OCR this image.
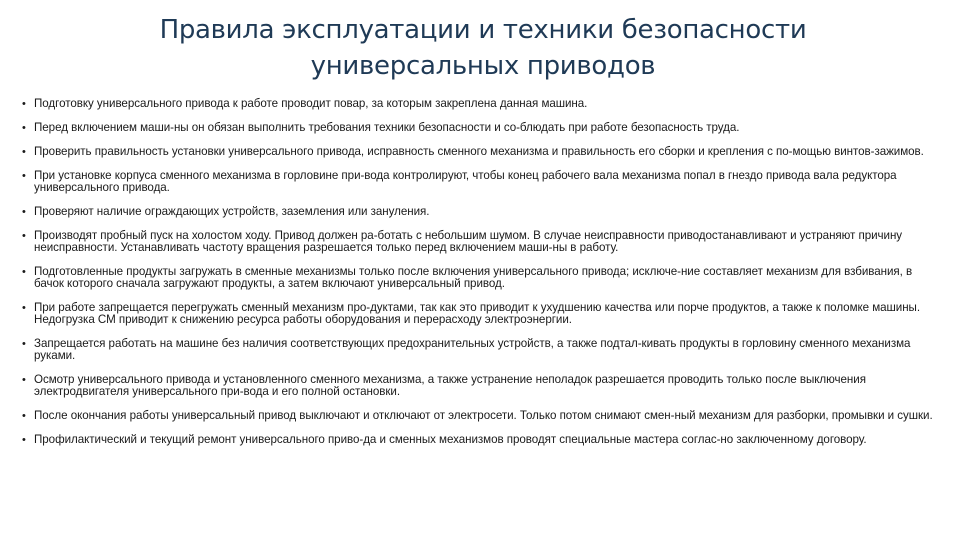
Правила эксплуатации и техники безопасности
универсальных приводов
• Подготовку универсального привода к работе проводит повар, за которым закреплена данная машина.
• Перед включением маши-ны он обязан выполнить требования техники безопасности и со-блюдать при работе безопасность труда.
• Проверить правильность установки универсального привода, исправность сменного механизма и правильность его сборки и крепления с по-мощью винтов-зажимов.
• При установке корпуса сменного механизма в горловине при-вода контролируют, чтобы конец рабочего вала механизма попал в гнездо привода вала редуктора универсального привода.
• Проверяют наличие ограждающих устройств, заземления или зануления.
• Производят пробный пуск на холостом ходу. Привод должен ра-ботать с небольшим шумом. В случае неисправности приводостанавливают и устраняют причину неисправности. Устанавливать частоту вращения разрешается только перед включением маши-ны в работу.
• Подготовленные продукты загружать в сменные механизмы только после включения универсального привода; исключе-ние составляет механизм для взбивания, в бачок которого сначала загружают продукты, а затем включают универсальный привод.
• При работе запрещается перегружать сменный механизм про-дуктами, так как это приводит к ухудшению качества или порче продуктов, а также к поломке машины. Недогрузка СМ приводит к снижению ресурса работы оборудования и перерасходу электроэнергии.
• Запрещается работать на машине без наличия соответствующих предохранительных устройств, а также подтал-кивать продукты в горловину сменного механизма руками.
• Осмотр универсального привода и установленного сменного механизма, а также устранение неполадок разрешается проводить только после выключения электродвигателя универсального при-вода и его полной остановки.
• После окончания работы универсальный привод выключают и отключают от электросети. Только потом снимают смен-ный механизм для разборки, промывки и сушки.
• Профилактический и текущий ремонт универсального приво-да и сменных механизмов проводят специальные мастера соглас-но заключенному договору.
